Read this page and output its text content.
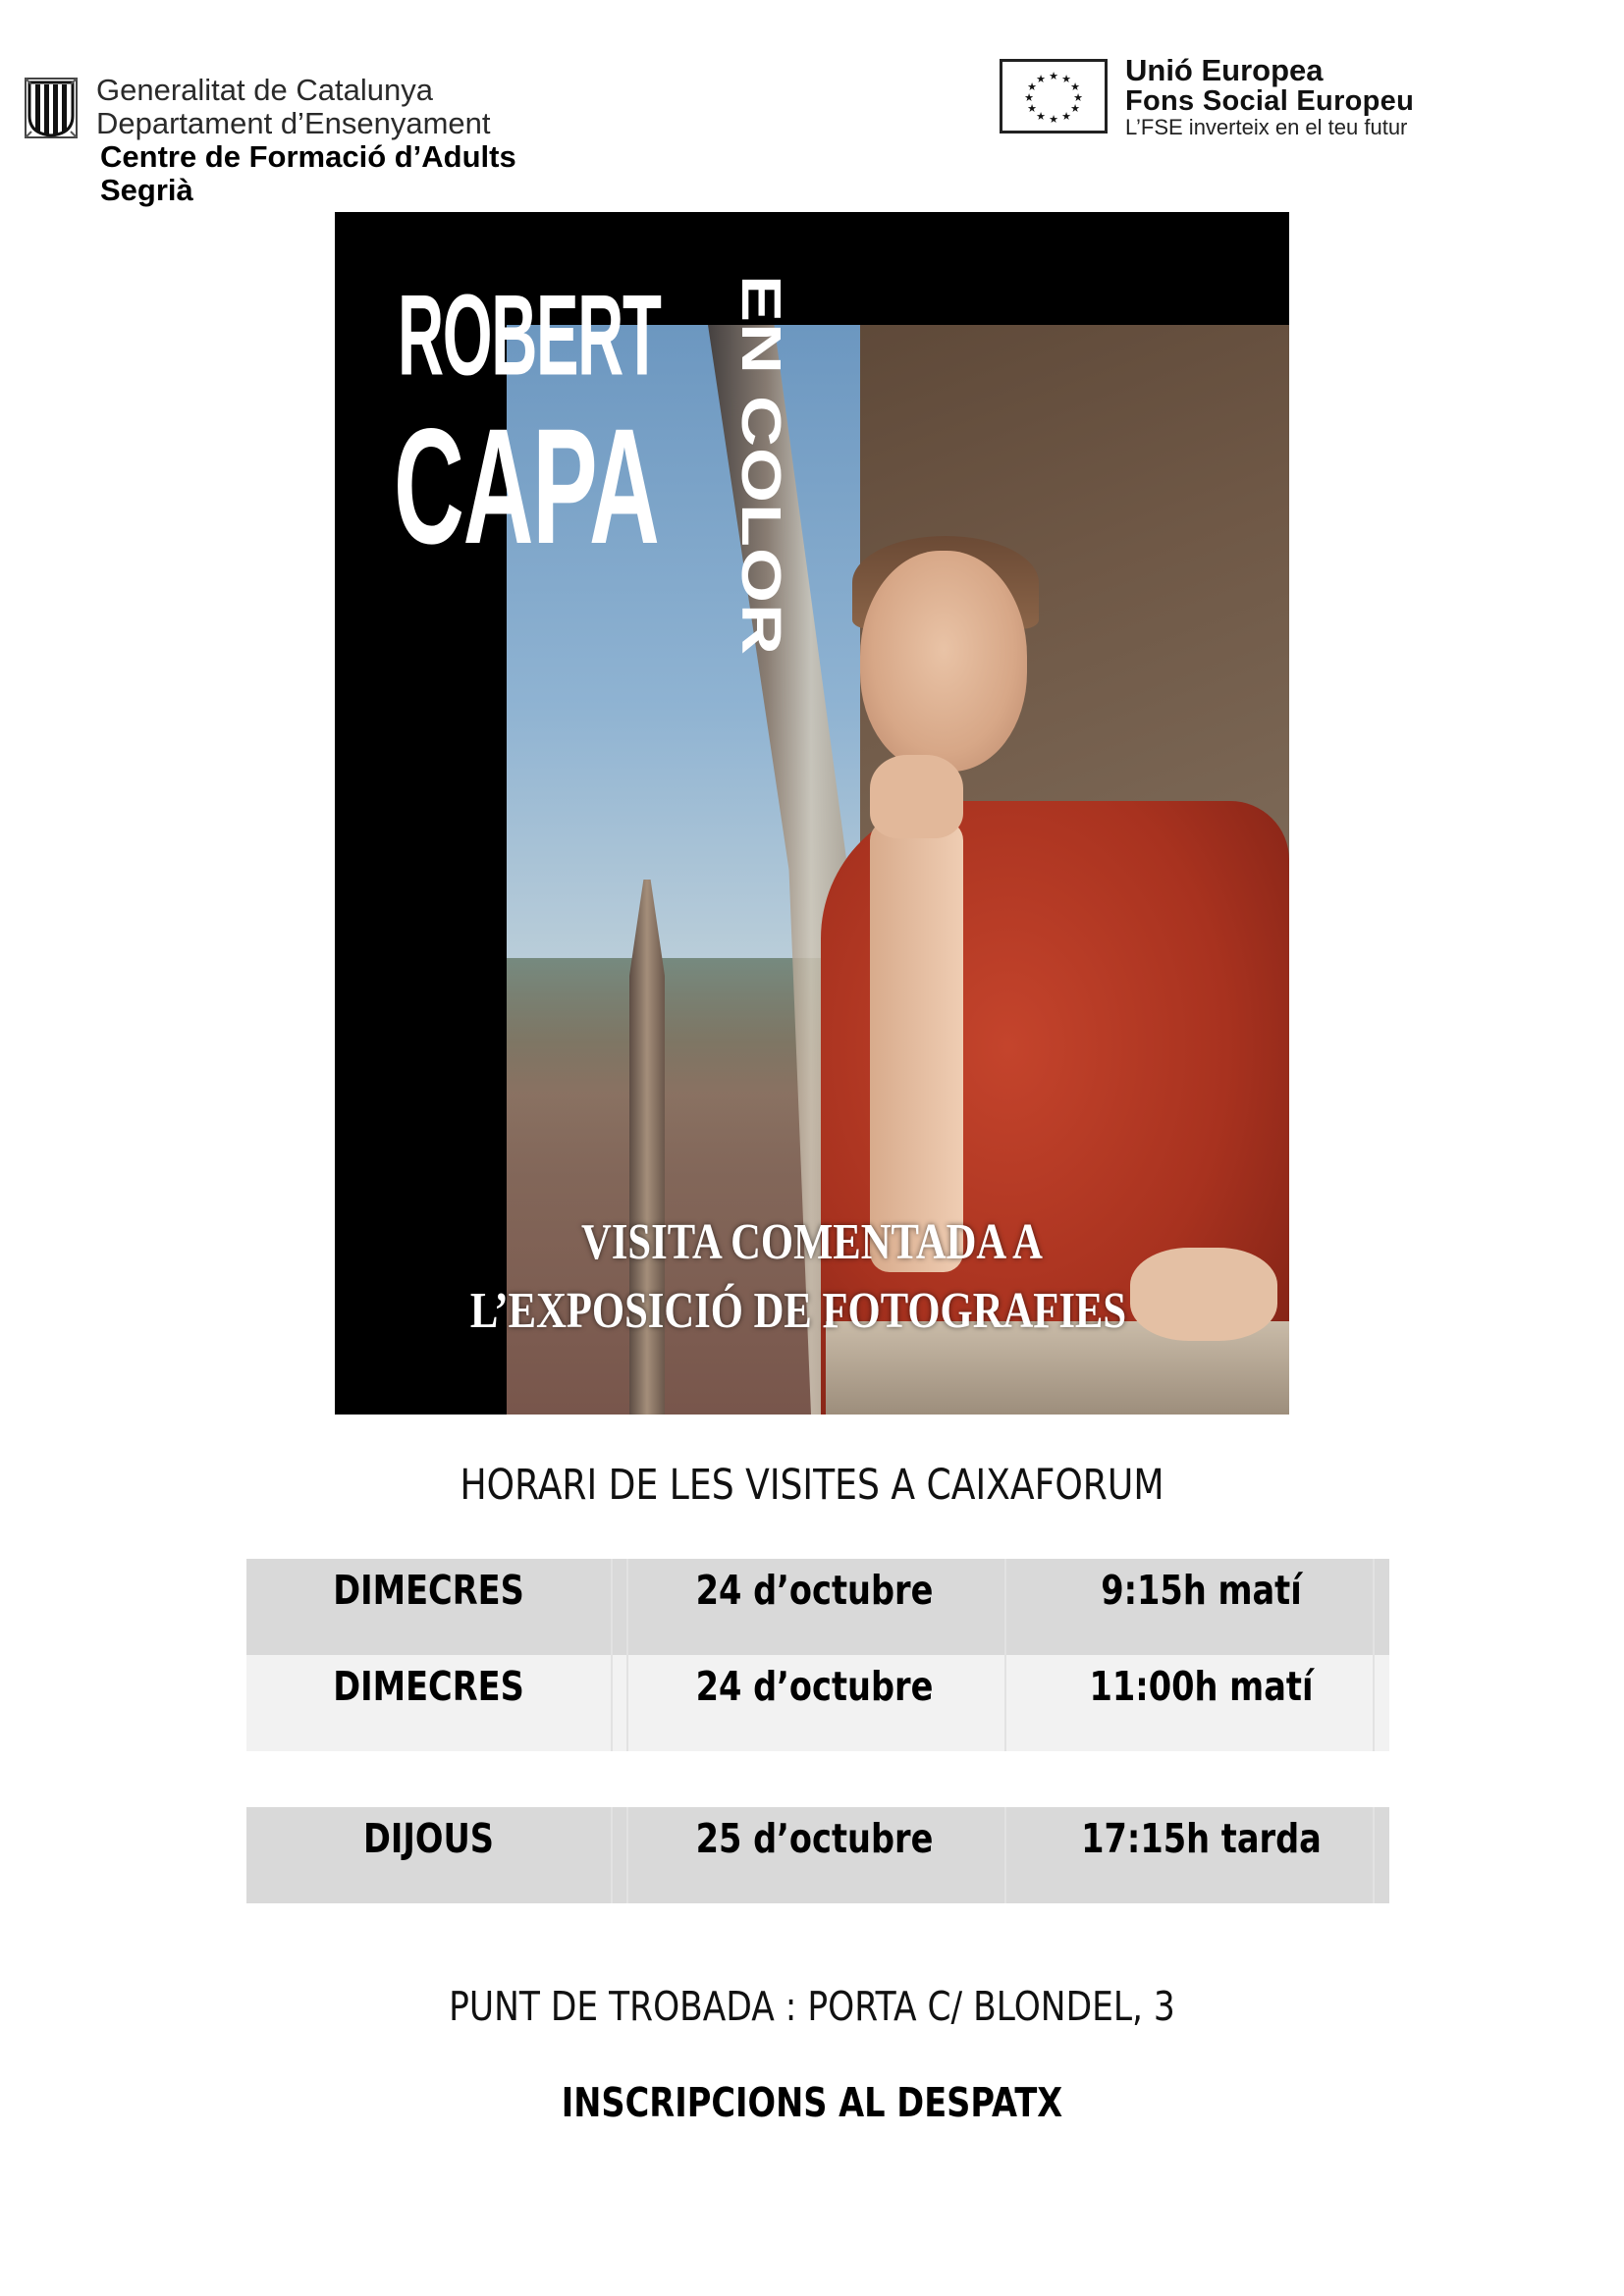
Generalitat de Catalunya
Departament d’Ensenyament
Centre de Formació d’Adults
Segrià
★ ★
★
★
★
★
★
★
★
★
★
★	Unió Europea
Fons Social Europeu
L’FSE inverteix en el teu futur
ROBERT
CAPA EN COLOR
VISITA COMENTADA A
L’EXPOSICIÓ DE FOTOGRAFIES
HORARI DE LES VISITES A CAIXAFORUM
DIMECRES	24 d’octubre	9:15h matí
DIMECRES	24 d’octubre	11:00h matí
DIJOUS	25 d’octubre	17:15h tarda
PUNT DE TROBADA : PORTA C/ BLONDEL, 3
INSCRIPCIONS AL DESPATX
